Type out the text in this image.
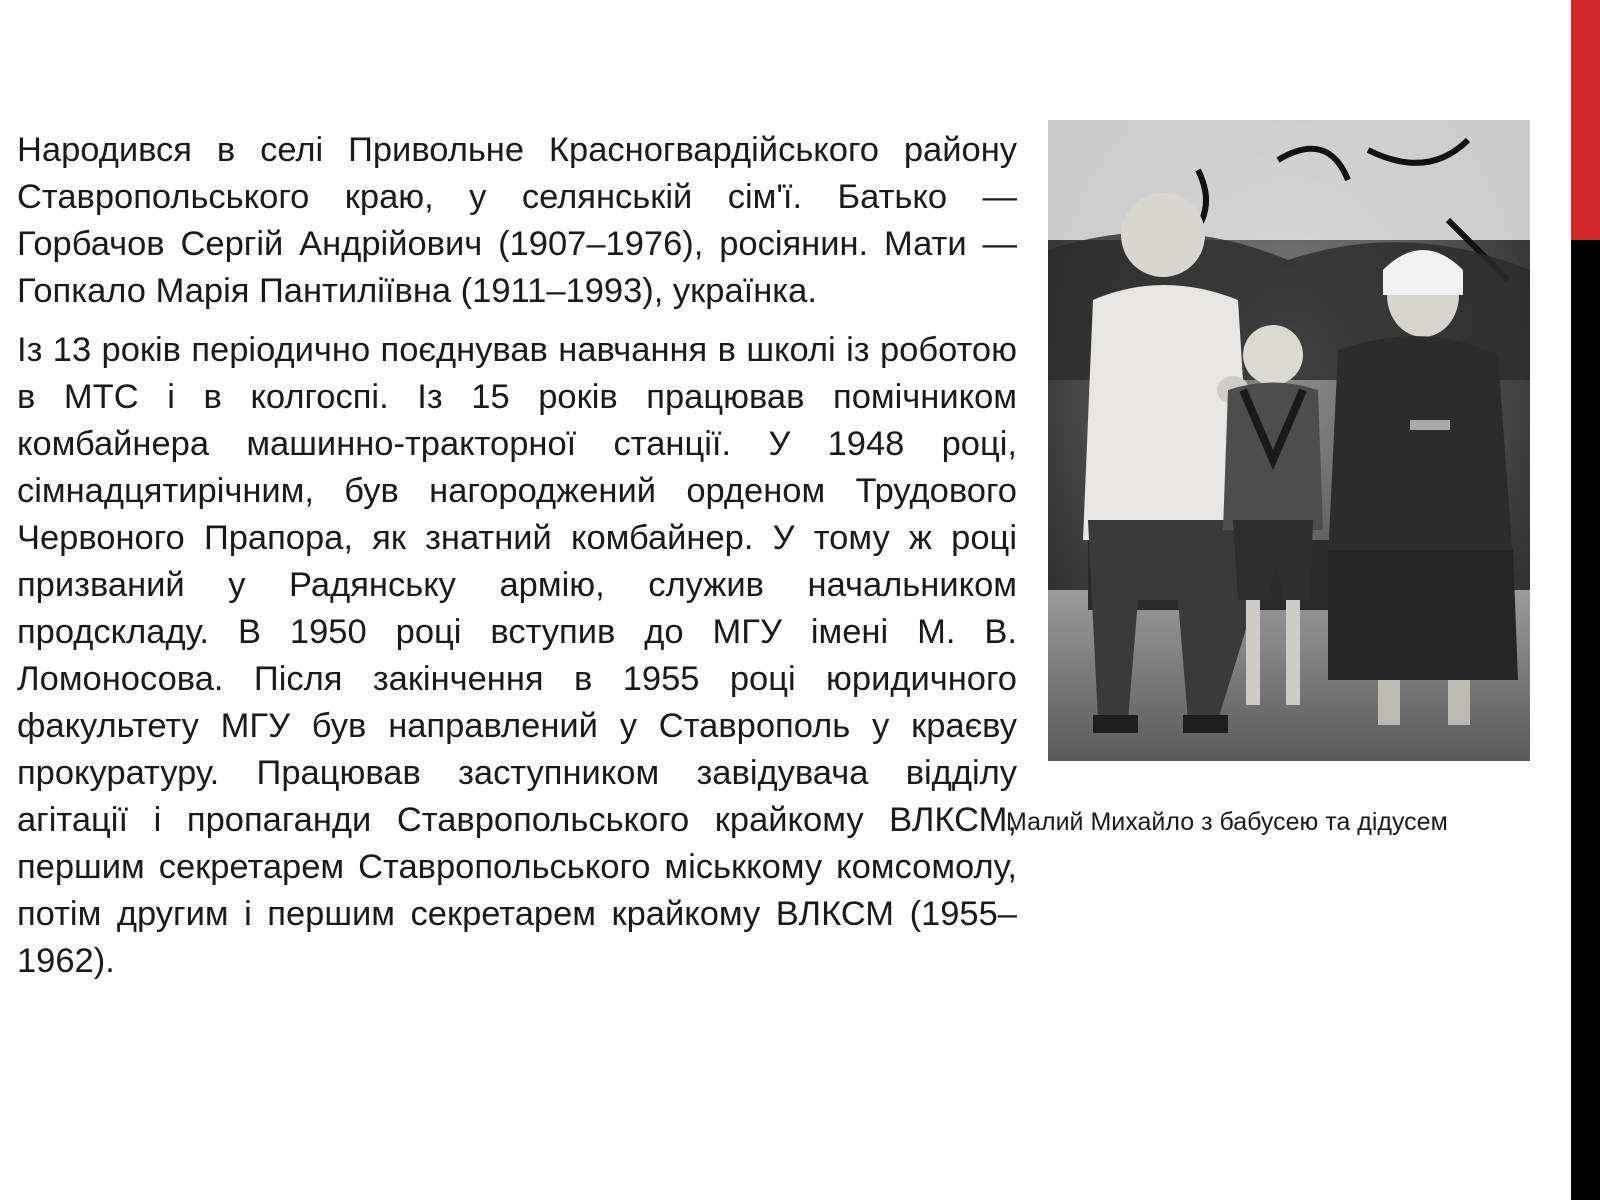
Народився в селі Привольне Красногвардійського району Ставропольського краю, у селянській сім'ї. Батько — Горбачов Сергій Андрійович (1907–1976), росіянин. Мати — Гопкало Марія Пантиліївна (1911–1993), українка.

Із 13 років періодично поєднував навчання в школі із роботою в МТС і в колгоспі. Із 15 років працював помічником комбайнера машинно-тракторної станції. У 1948 році, сімнадцятирічним, був нагороджений орденом Трудового Червоного Прапора, як знатний комбайнер. У тому ж році призваний у Радянську армію, служив начальником продскладу. В 1950 році вступив до МГУ імені М. В. Ломоносова. Після закінчення в 1955 році юридичного факультету МГУ був направлений у Ставрополь у краєву прокуратуру. Працював заступником завідувача відділу агітації і пропаганди Ставропольського крайкому ВЛКСМ, першим секретарем Ставропольського міськкому комсомолу, потім другим і першим секретарем крайкому ВЛКСМ (1955–1962).

Малий Михайло з бабусею та дідусем
